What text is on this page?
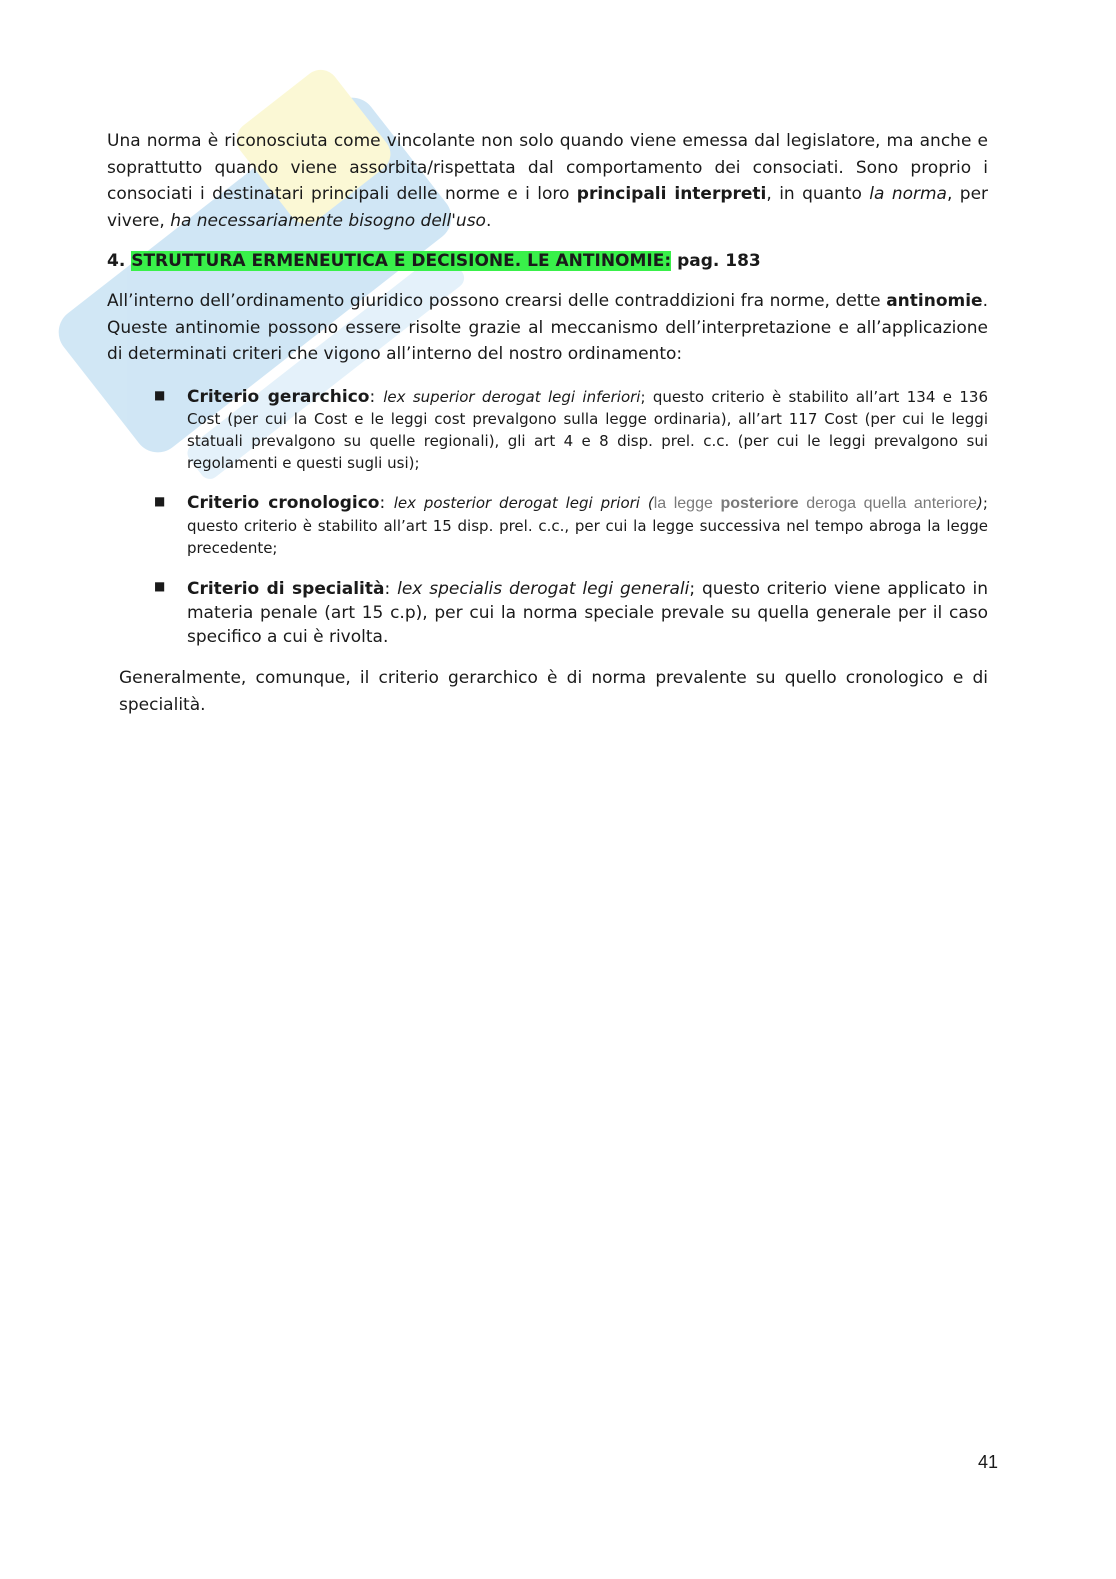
Una norma è riconosciuta come vincolante non solo quando viene emessa dal legislatore, ma anche e soprattutto quando viene assorbita/rispettata dal comportamento dei consociati. Sono proprio i consociati i destinatari principali delle norme e i loro principali interpreti, in quanto la norma, per vivere, ha necessariamente bisogno dell'uso.

4. STRUTTURA ERMENEUTICA E DECISIONE. LE ANTINOMIE: pag. 183

All’interno dell’ordinamento giuridico possono crearsi delle contraddizioni fra norme, dette antinomie. Queste antinomie possono essere risolte grazie al meccanismo dell’interpretazione e all’applicazione di determinati criteri che vigono all’interno del nostro ordinamento:

■ Criterio gerarchico: lex superior derogat legi inferiori; questo criterio è stabilito all’art 134 e 136 Cost (per cui la Cost e le leggi cost prevalgono sulla legge ordinaria), all’art 117 Cost (per cui le leggi statuali prevalgono su quelle regionali), gli art 4 e 8 disp. prel. c.c. (per cui le leggi prevalgono sui regolamenti e questi sugli usi);
■ Criterio cronologico: lex posterior derogat legi priori (la legge posteriore deroga quella anteriore); questo criterio è stabilito all’art 15 disp. prel. c.c., per cui la legge successiva nel tempo abroga la legge precedente;
■ Criterio di specialità: lex specialis derogat legi generali; questo criterio viene applicato in materia penale (art 15 c.p), per cui la norma speciale prevale su quella generale per il caso specifico a cui è rivolta.

Generalmente, comunque, il criterio gerarchico è di norma prevalente su quello cronologico e di specialità.

41
